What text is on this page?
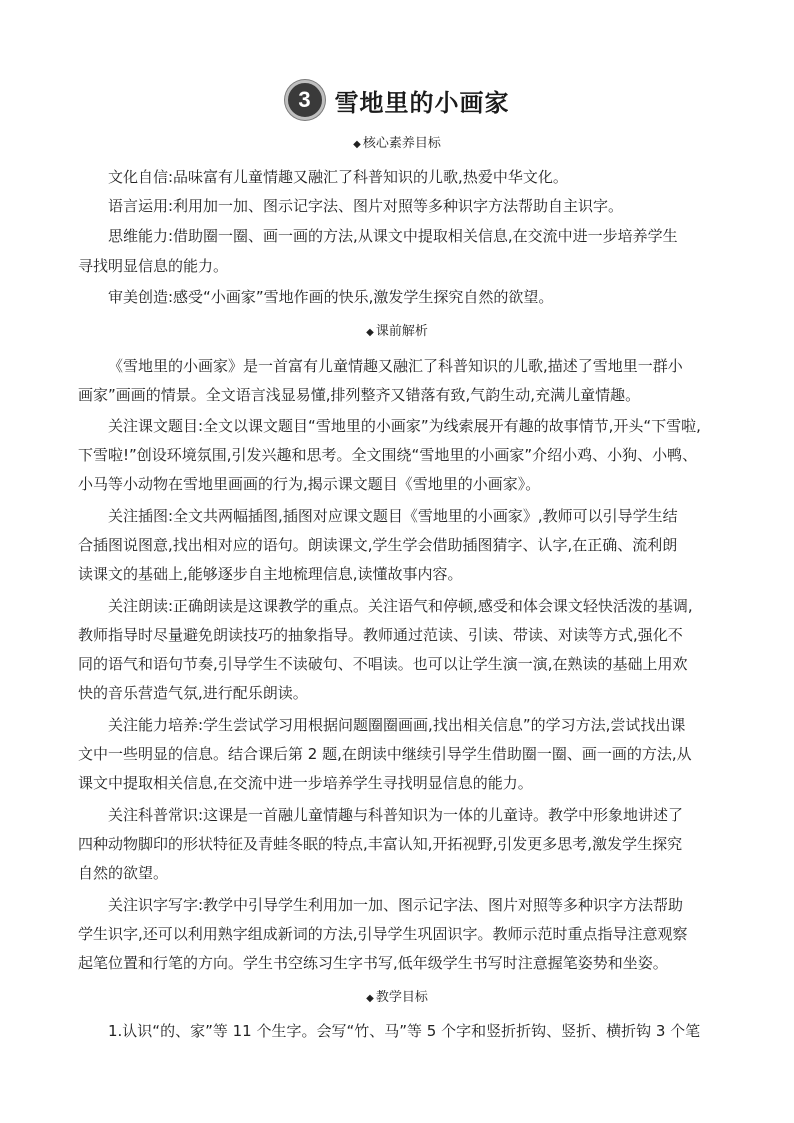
3 雪地里的小画家
◆ 核心素养目标
文化自信:品味富有儿童情趣又融汇了科普知识的儿歌,热爱中华文化。
语言运用:利用加一加、图示记字法、图片对照等多种识字方法帮助自主识字。
思维能力:借助圈一圈、画一画的方法,从课文中提取相关信息,在交流中进一步培养学生
寻找明显信息的能力。
审美创造:感受“小画家”雪地作画的快乐,激发学生探究自然的欲望。
◆ 课前解析
《雪地里的小画家》是一首富有儿童情趣又融汇了科普知识的儿歌,描述了雪地里一群小
画家”画画的情景。全文语言浅显易懂,排列整齐又错落有致,气韵生动,充满儿童情趣。
关注课文题目:全文以课文题目“雪地里的小画家”为线索展开有趣的故事情节,开头“下雪啦,
下雪啦!”创设环境氛围,引发兴趣和思考。全文围绕“雪地里的小画家”介绍小鸡、小狗、小鸭、
小马等小动物在雪地里画画的行为,揭示课文题目《雪地里的小画家》。
关注插图:全文共两幅插图,插图对应课文题目《雪地里的小画家》,教师可以引导学生结
合插图说图意,找出相对应的语句。朗读课文,学生学会借助插图猜字、认字,在正确、流利朗
读课文的基础上,能够逐步自主地梳理信息,读懂故事内容。
关注朗读:正确朗读是这课教学的重点。关注语气和停顿,感受和体会课文轻快活泼的基调,
教师指导时尽量避免朗读技巧的抽象指导。教师通过范读、引读、带读、对读等方式,强化不
同的语气和语句节奏,引导学生不读破句、不唱读。也可以让学生演一演,在熟读的基础上用欢
快的音乐营造气氛,进行配乐朗读。
关注能力培养:学生尝试学习用根据问题圈圈画画,找出相关信息”的学习方法,尝试找出课
文中一些明显的信息。结合课后第 2 题,在朗读中继续引导学生借助圈一圈、画一画的方法,从
课文中提取相关信息,在交流中进一步培养学生寻找明显信息的能力。
关注科普常识:这课是一首融儿童情趣与科普知识为一体的儿童诗。教学中形象地讲述了
四种动物脚印的形状特征及青蛙冬眠的特点,丰富认知,开拓视野,引发更多思考,激发学生探究
自然的欲望。
关注识字写字:教学中引导学生利用加一加、图示记字法、图片对照等多种识字方法帮助
学生识字,还可以利用熟字组成新词的方法,引导学生巩固识字。教师示范时重点指导注意观察
起笔位置和行笔的方向。学生书空练习生字书写,低年级学生书写时注意握笔姿势和坐姿。
◆ 教学目标
1.认识“的、家”等 11 个生字。会写“竹、马”等 5 个字和竖折折钩、竖折、横折钩 3 个笔
